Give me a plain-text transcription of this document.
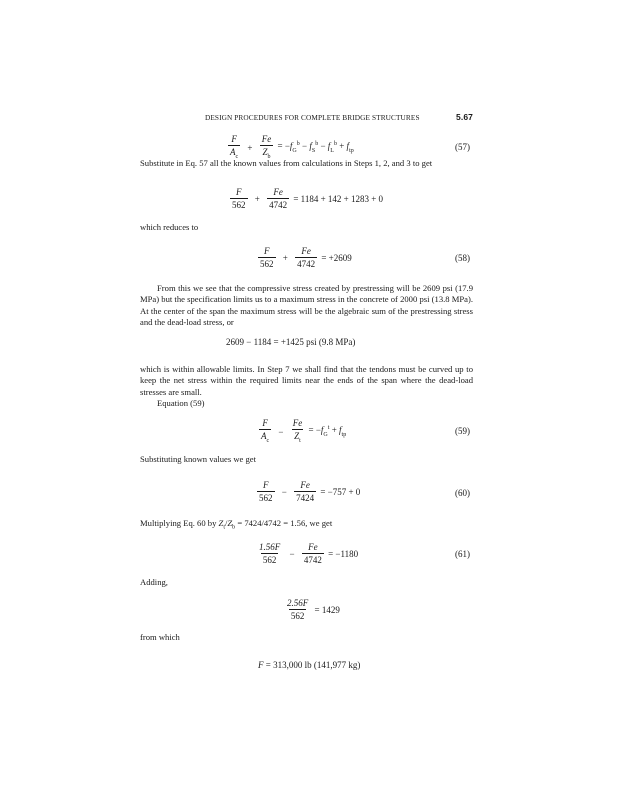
DESIGN PROCEDURES FOR COMPLETE BRIDGE STRUCTURES	5.67
$\frac{F}{A_c} + \frac{Fe}{Z_b} = -f_G^b - f_S^b - f_L^b + f_{tp}$	(57)
Substitute in Eq. 57 all the known values from calculations in Steps 1, 2, and 3 to get
$\frac{F}{562} + \frac{Fe}{4742} = 1184 + 142 + 1283 + 0$
which reduces to
$\frac{F}{562} + \frac{Fe}{4742} = +2609$	(58)
From this we see that the compressive stress created by prestressing will be 2609 psi (17.9 MPa) but the specification limits us to a maximum stress in the concrete of 2000 psi (13.8 MPa). At the center of the span the maximum stress will be the algebraic sum of the prestressing stress and the dead-load stress, or
2609 − 1184 = +1425 psi (9.8 MPa)
which is within allowable limits. In Step 7 we shall find that the tendons must be curved up to keep the net stress within the required limits near the ends of the span where the dead-load stresses are small.
Equation (59)
$\frac{F}{A_c} - \frac{Fe}{Z_t} = -f_G^t + f_{tp}$	(59)
Substituting known values we get
$\frac{F}{562} - \frac{Fe}{7424} = -757 + 0$	(60)
Multiplying Eq. 60 by $Z_t/Z_b = 7424/4742 = 1.56$, we get
$\frac{1.56F}{562} - \frac{Fe}{4742} = -1180$	(61)
Adding,
$\frac{2.56F}{562} = 1429$
from which
F = 313,000 lb (141,977 kg)
